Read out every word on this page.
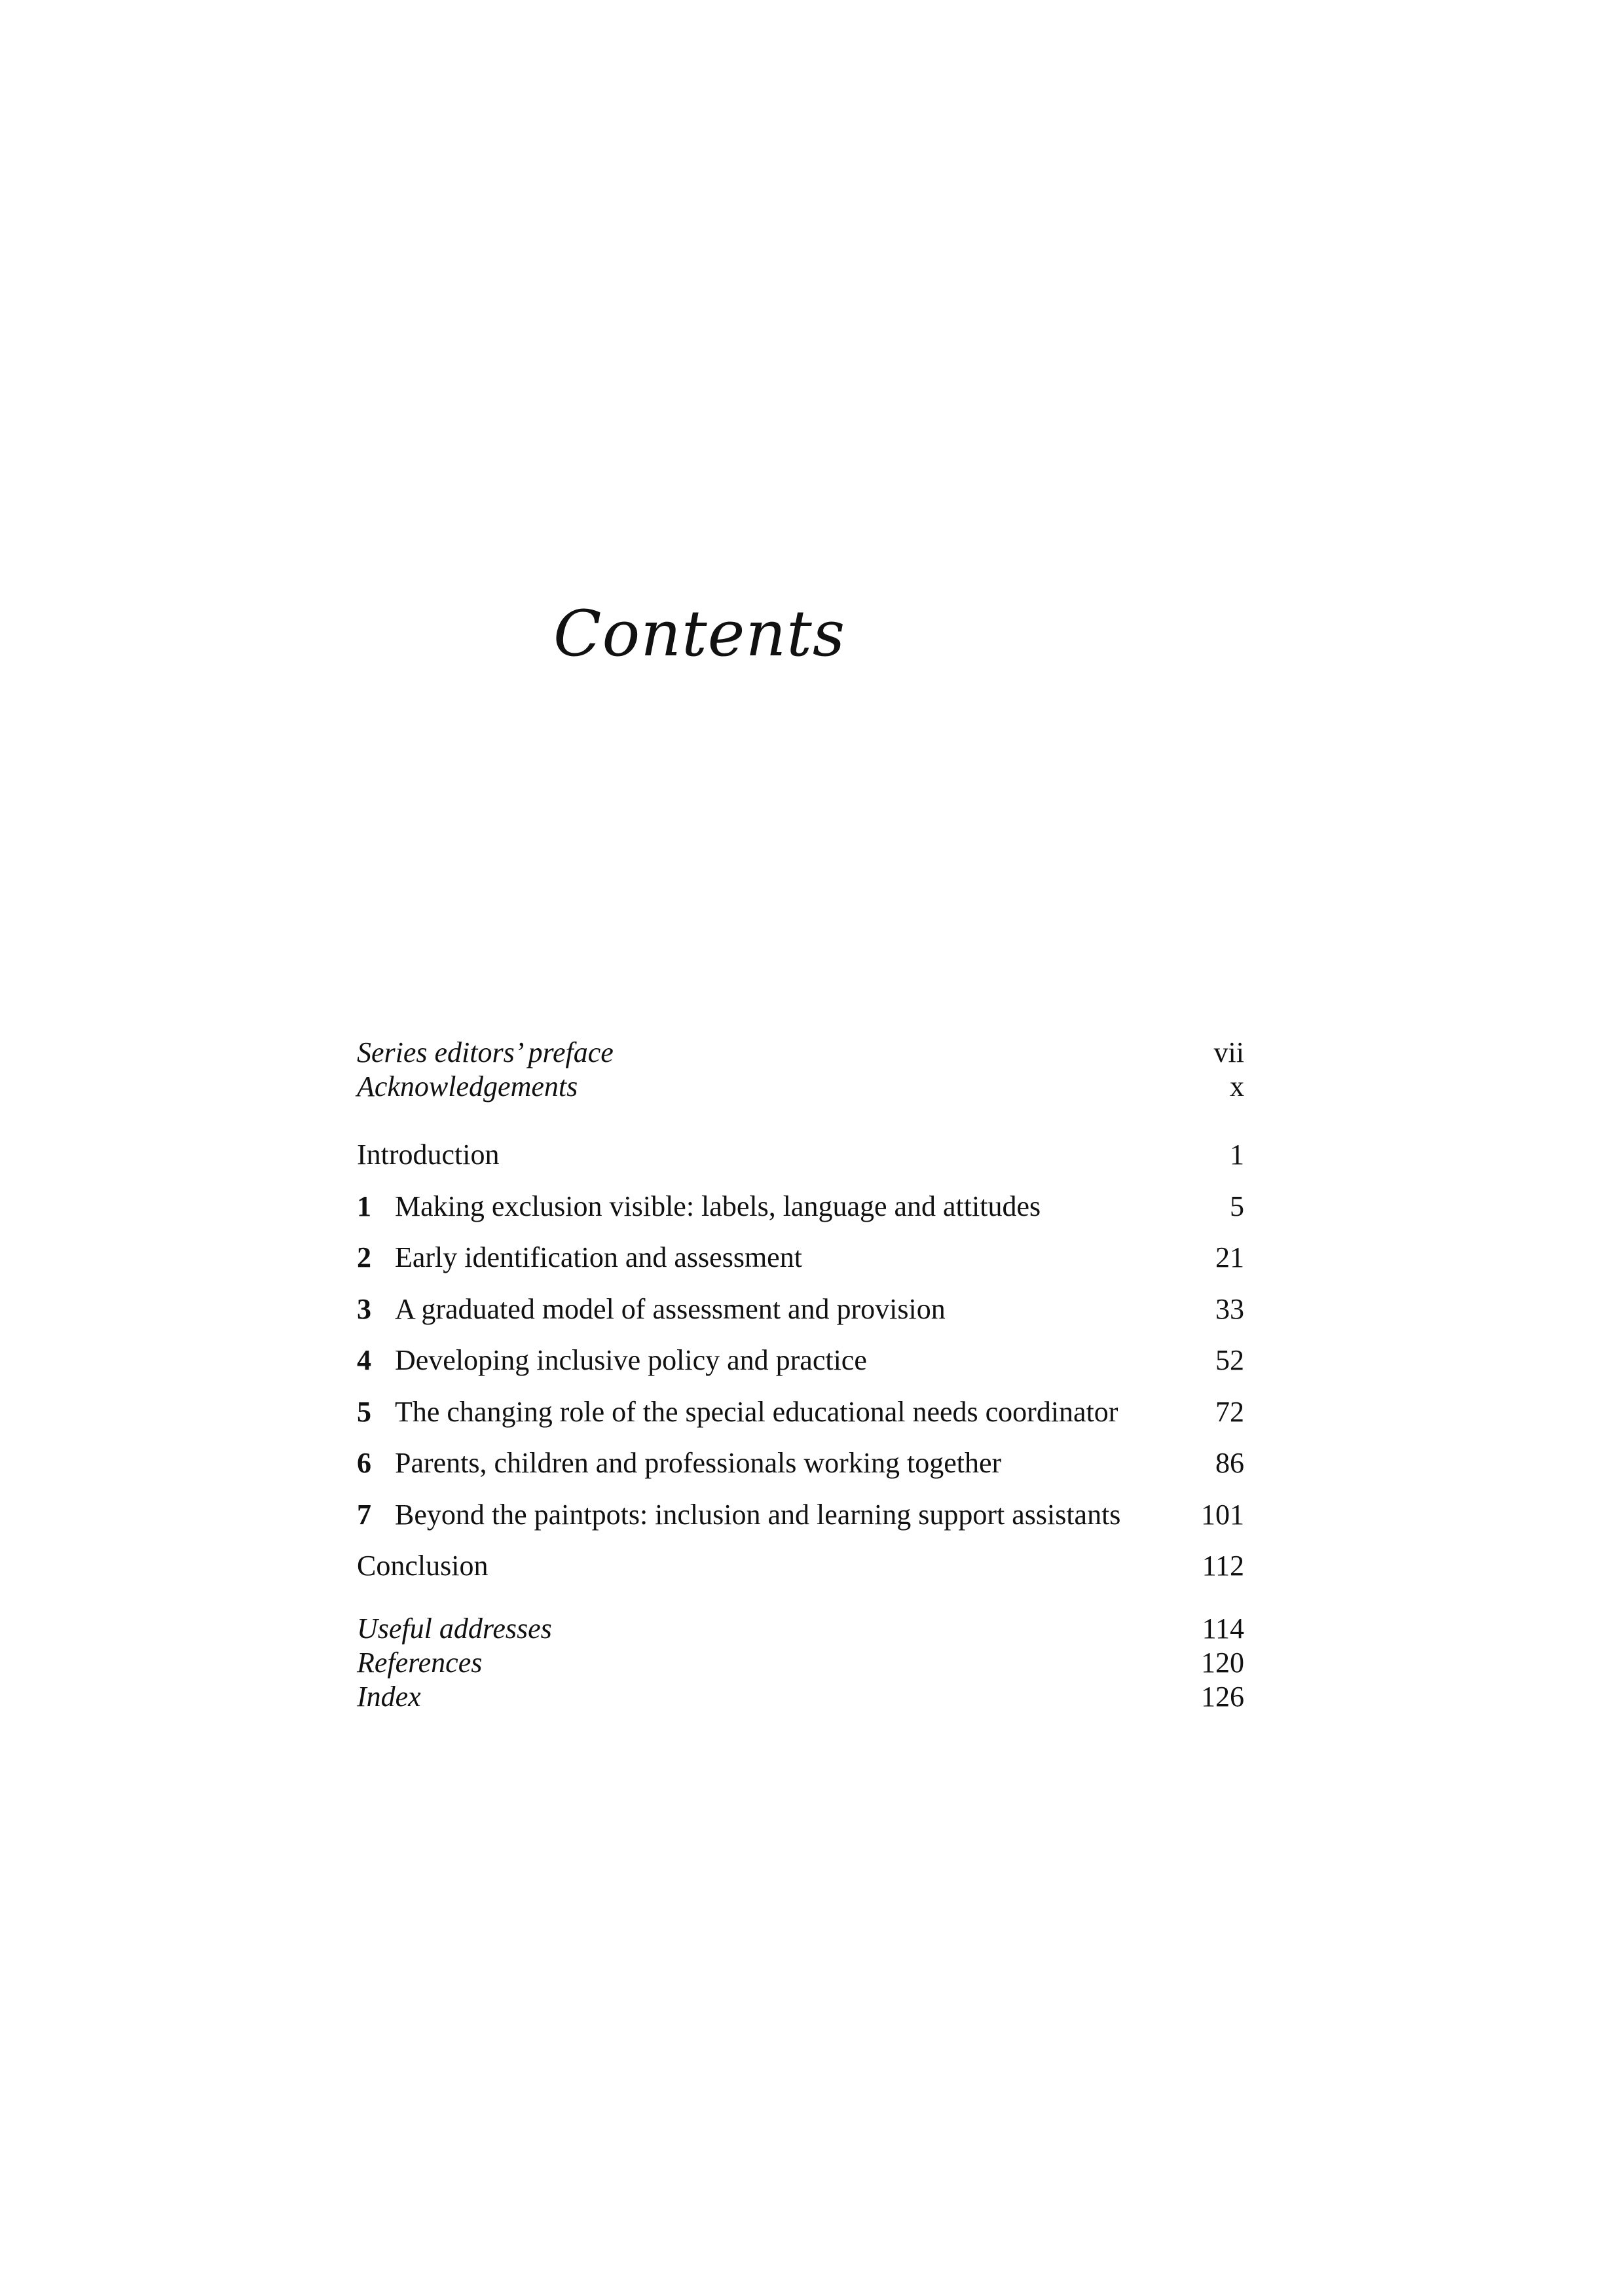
Contents
Series editors’ preface	vii
Acknowledgements	x
Introduction	1
1 Making exclusion visible: labels, language and attitudes	5
2 Early identification and assessment	21
3 A graduated model of assessment and provision	33
4 Developing inclusive policy and practice	52
5 The changing role of the special educational needs coordinator	72
6 Parents, children and professionals working together	86
7 Beyond the paintpots: inclusion and learning support assistants	101
Conclusion	112
Useful addresses	114
References	120
Index	126
